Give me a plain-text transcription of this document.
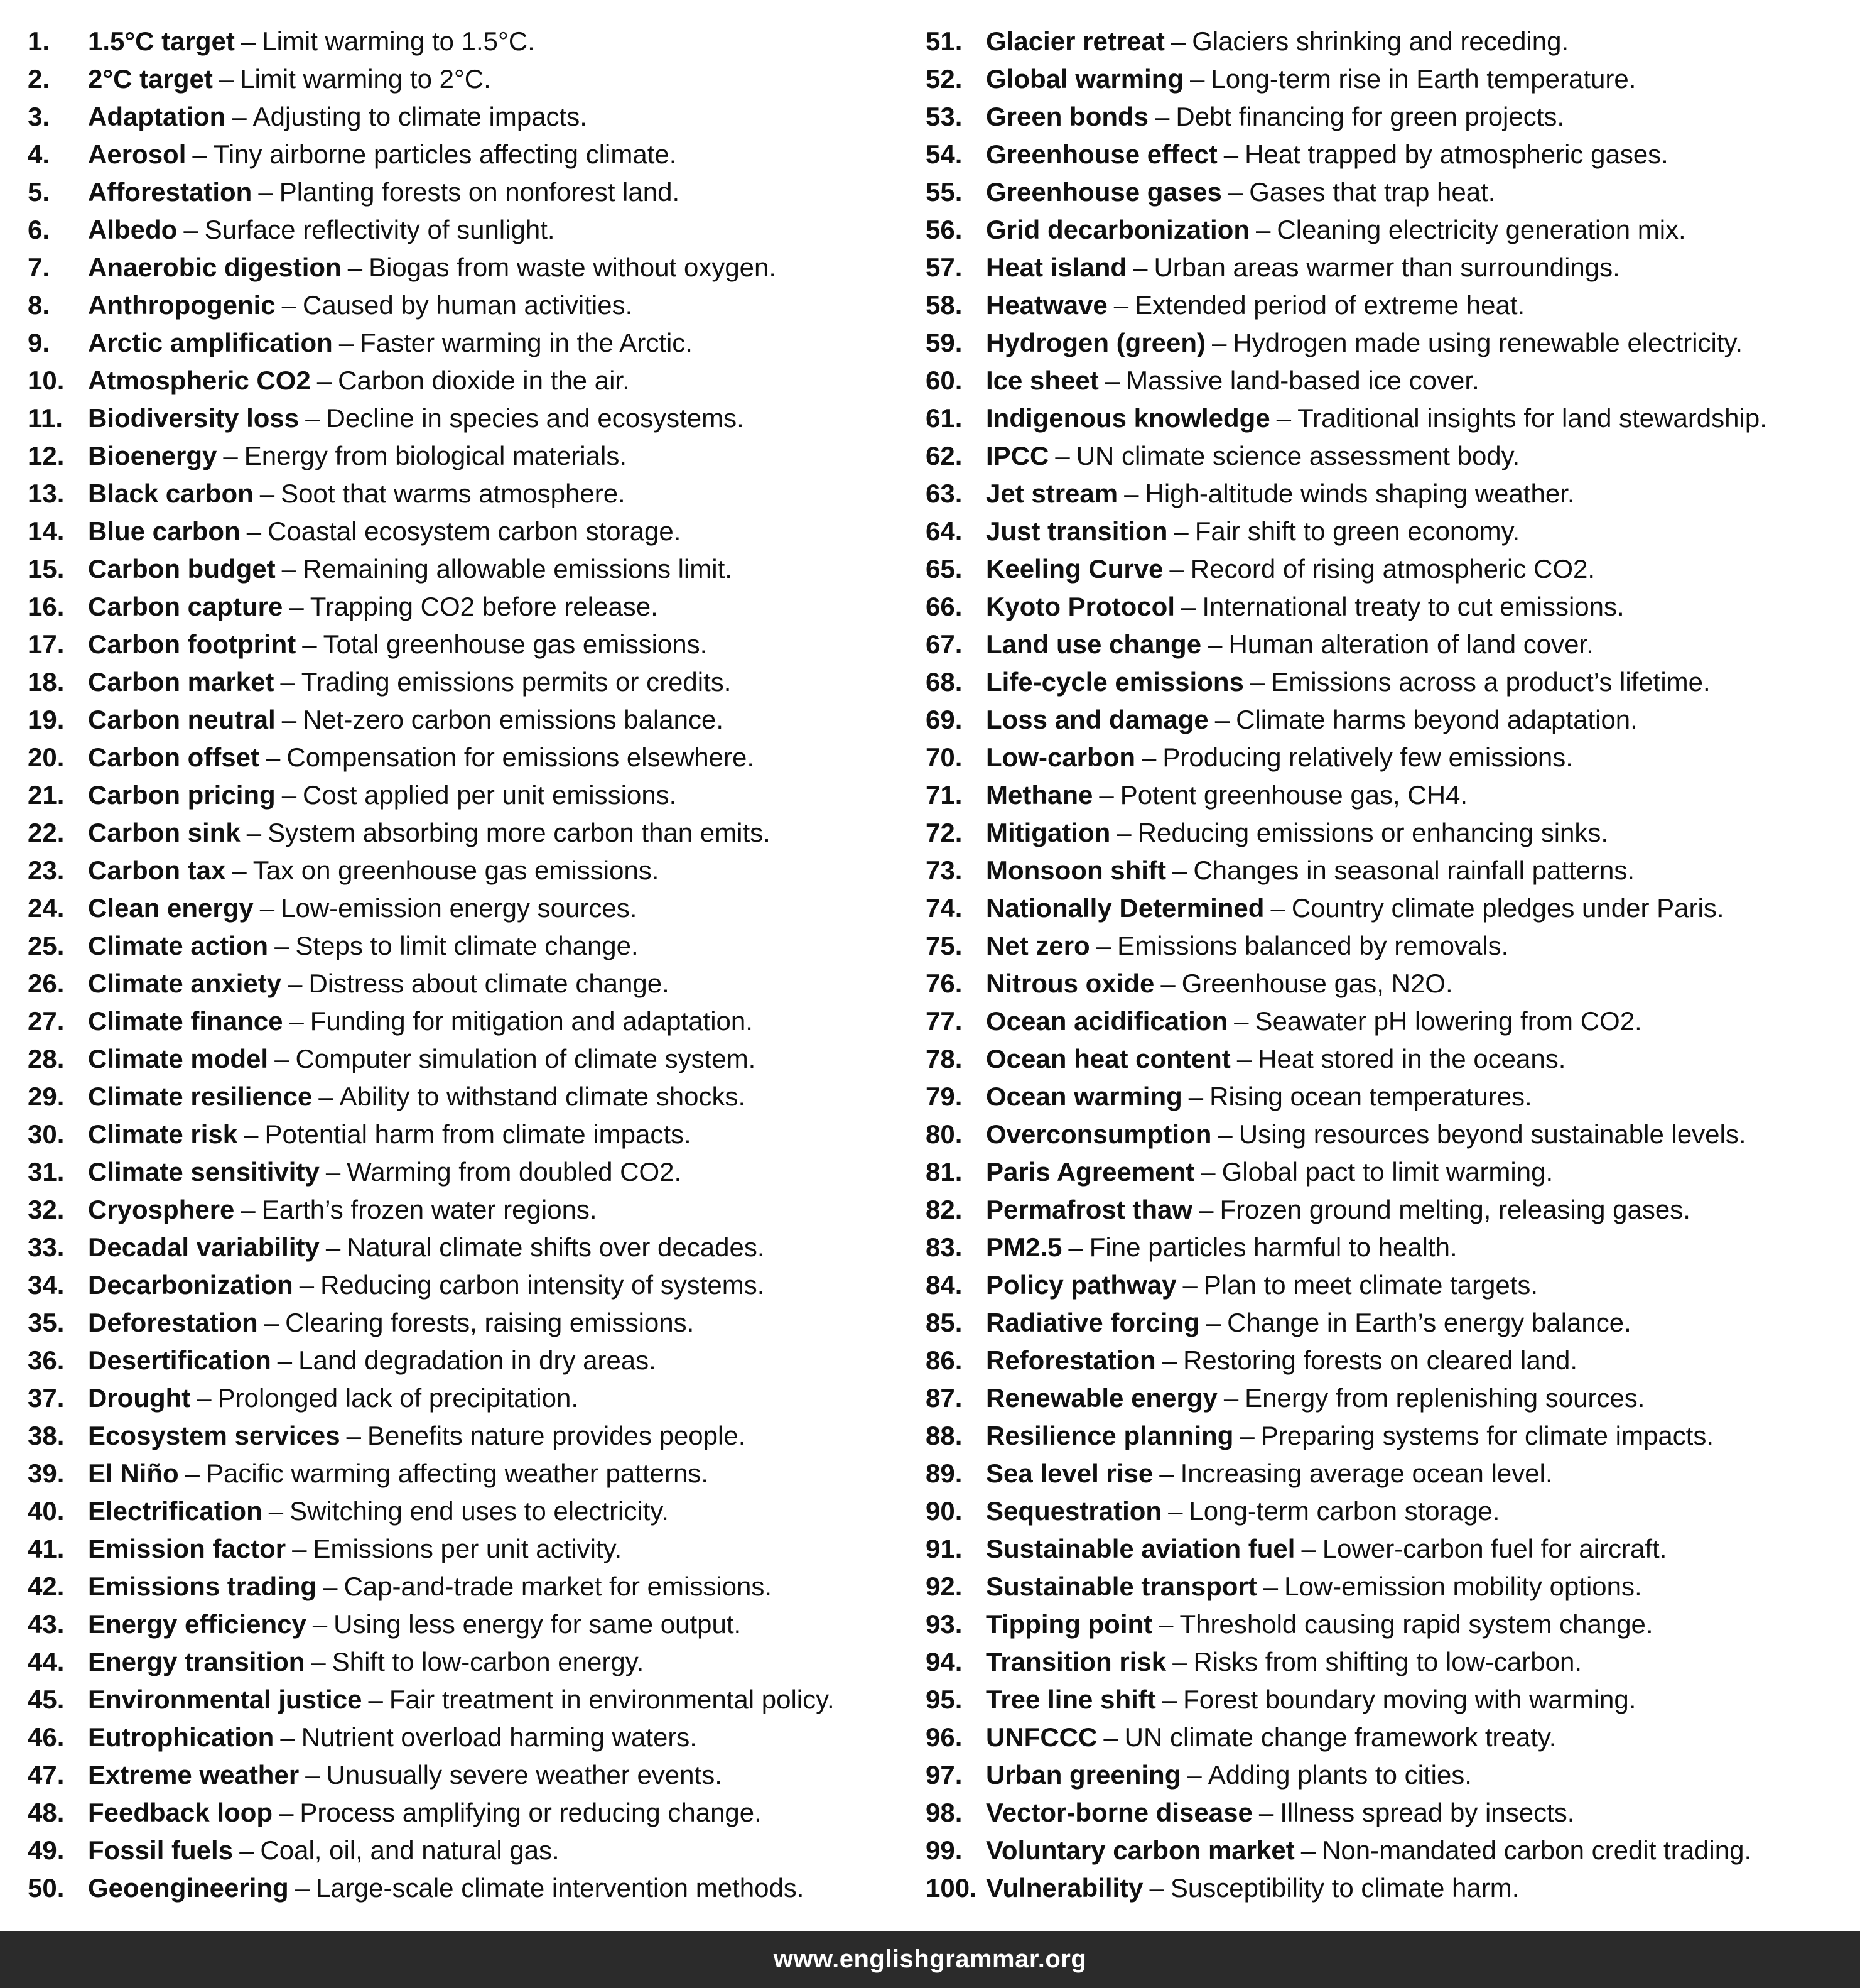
1.	1.5°C target – Limit warming to 1.5°C.
2.	2°C target – Limit warming to 2°C.
3.	Adaptation – Adjusting to climate impacts.
4.	Aerosol – Tiny airborne particles affecting climate.
5.	Afforestation – Planting forests on nonforest land.
6.	Albedo – Surface reflectivity of sunlight.
7.	Anaerobic digestion – Biogas from waste without oxygen.
8.	Anthropogenic – Caused by human activities.
9.	Arctic amplification – Faster warming in the Arctic.
10. Atmospheric CO2 – Carbon dioxide in the air.
11. Biodiversity loss – Decline in species and ecosystems.
12. Bioenergy – Energy from biological materials.
13. Black carbon – Soot that warms atmosphere.
14. Blue carbon – Coastal ecosystem carbon storage.
15. Carbon budget – Remaining allowable emissions limit.
16. Carbon capture – Trapping CO2 before release.
17. Carbon footprint – Total greenhouse gas emissions.
18. Carbon market – Trading emissions permits or credits.
19. Carbon neutral – Net-zero carbon emissions balance.
20. Carbon offset – Compensation for emissions elsewhere.
21. Carbon pricing – Cost applied per unit emissions.
22. Carbon sink – System absorbing more carbon than emits.
23. Carbon tax – Tax on greenhouse gas emissions.
24. Clean energy – Low-emission energy sources.
25. Climate action – Steps to limit climate change.
26. Climate anxiety – Distress about climate change.
27. Climate finance – Funding for mitigation and adaptation.
28. Climate model – Computer simulation of climate system.
29. Climate resilience – Ability to withstand climate shocks.
30. Climate risk – Potential harm from climate impacts.
31. Climate sensitivity – Warming from doubled CO2.
32. Cryosphere – Earth’s frozen water regions.
33. Decadal variability – Natural climate shifts over decades.
34. Decarbonization – Reducing carbon intensity of systems.
35. Deforestation – Clearing forests, raising emissions.
36. Desertification – Land degradation in dry areas.
37. Drought – Prolonged lack of precipitation.
38. Ecosystem services – Benefits nature provides people.
39. El Niño – Pacific warming affecting weather patterns.
40. Electrification – Switching end uses to electricity.
41. Emission factor – Emissions per unit activity.
42. Emissions trading – Cap-and-trade market for emissions.
43. Energy efficiency – Using less energy for same output.
44. Energy transition – Shift to low-carbon energy.
45. Environmental justice – Fair treatment in environmental policy.
46. Eutrophication – Nutrient overload harming waters.
47. Extreme weather – Unusually severe weather events.
48. Feedback loop – Process amplifying or reducing change.
49. Fossil fuels – Coal, oil, and natural gas.
50. Geoengineering – Large-scale climate intervention methods.
51. Glacier retreat – Glaciers shrinking and receding.
52. Global warming – Long-term rise in Earth temperature.
53. Green bonds – Debt financing for green projects.
54. Greenhouse effect – Heat trapped by atmospheric gases.
55. Greenhouse gases – Gases that trap heat.
56. Grid decarbonization – Cleaning electricity generation mix.
57. Heat island – Urban areas warmer than surroundings.
58. Heatwave – Extended period of extreme heat.
59. Hydrogen (green) – Hydrogen made using renewable electricity.
60. Ice sheet – Massive land-based ice cover.
61. Indigenous knowledge – Traditional insights for land stewardship.
62. IPCC – UN climate science assessment body.
63. Jet stream – High-altitude winds shaping weather.
64. Just transition – Fair shift to green economy.
65. Keeling Curve – Record of rising atmospheric CO2.
66. Kyoto Protocol – International treaty to cut emissions.
67. Land use change – Human alteration of land cover.
68. Life-cycle emissions – Emissions across a product’s lifetime.
69. Loss and damage – Climate harms beyond adaptation.
70. Low-carbon – Producing relatively few emissions.
71. Methane – Potent greenhouse gas, CH4.
72. Mitigation – Reducing emissions or enhancing sinks.
73. Monsoon shift – Changes in seasonal rainfall patterns.
74. Nationally Determined – Country climate pledges under Paris.
75. Net zero – Emissions balanced by removals.
76. Nitrous oxide – Greenhouse gas, N2O.
77. Ocean acidification – Seawater pH lowering from CO2.
78. Ocean heat content – Heat stored in the oceans.
79. Ocean warming – Rising ocean temperatures.
80. Overconsumption – Using resources beyond sustainable levels.
81. Paris Agreement – Global pact to limit warming.
82. Permafrost thaw – Frozen ground melting, releasing gases.
83. PM2.5 – Fine particles harmful to health.
84. Policy pathway – Plan to meet climate targets.
85. Radiative forcing – Change in Earth’s energy balance.
86. Reforestation – Restoring forests on cleared land.
87. Renewable energy – Energy from replenishing sources.
88. Resilience planning – Preparing systems for climate impacts.
89. Sea level rise – Increasing average ocean level.
90. Sequestration – Long-term carbon storage.
91. Sustainable aviation fuel – Lower-carbon fuel for aircraft.
92. Sustainable transport – Low-emission mobility options.
93. Tipping point – Threshold causing rapid system change.
94. Transition risk – Risks from shifting to low-carbon.
95. Tree line shift – Forest boundary moving with warming.
96. UNFCCC – UN climate change framework treaty.
97. Urban greening – Adding plants to cities.
98. Vector-borne disease – Illness spread by insects.
99. Voluntary carbon market – Non-mandated carbon credit trading.
100. Vulnerability – Susceptibility to climate harm.
www.englishgrammar.org
